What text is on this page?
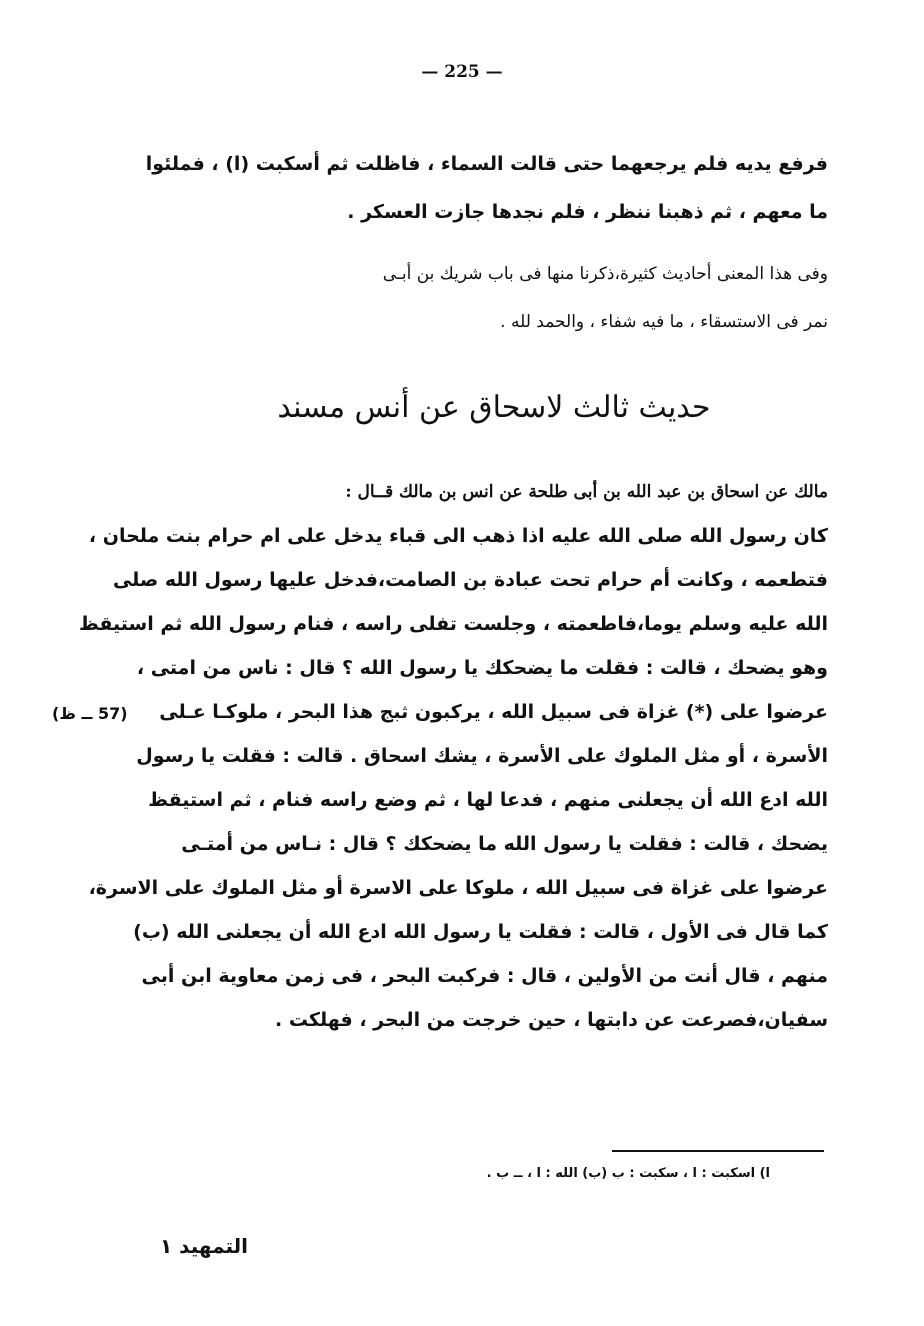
— 225 —
فرفع يديه فلم يرجعهما حتى قالت السماء ، فاظلت ثم أسكبت (ا) ، فملئوا
ما معهم ، ثم ذهبنا ننظر ، فلم نجدها جازت العسكر .
وفى هذا المعنى أحاديث كثيرة،ذكرنا منها فى باب شريك بن أبـى
نمر فى الاستسقاء ، ما فيه شفاء ، والحمد لله .
حديث ثالث لاسحاق عن أنس مسند
مالك عن اسحاق بن عبد الله بن أبى طلحة عن انس بن مالك قــال :
كان رسول الله صلى الله عليه اذا ذهب الى قباء يدخل على ام حرام بنت ملحان ،
فتطعمه ، وكانت أم حرام تحت عبادة بن الصامت،فدخل عليها رسول الله صلى
الله عليه وسلم يوما،فاطعمته ، وجلست تفلى راسه ، فنام رسول الله ثم استيقظ
وهو يضحك ، قالت : فقلت ما يضحكك يا رسول الله ؟ قال : ناس من امتى ،
عرضوا على (*) غزاة فى سبيل الله ، يركبون ثبج هذا البحر ، ملوكـا عـلى
الأسرة ، أو مثل الملوك على الأسرة ، يشك اسحاق . قالت : فقلت يا رسول
الله ادع الله أن يجعلنى منهم ، فدعا لها ، ثم وضع راسه فنام ، ثم استيقظ
يضحك ، قالت : فقلت يا رسول الله ما يضحكك ؟ قال : نـاس من أمتـى
عرضوا على غزاة فى سبيل الله ، ملوكا على الاسرة أو مثل الملوك على الاسرة،
كما قال فى الأول ، قالت : فقلت يا رسول الله ادع الله أن يجعلنى الله (ب)
منهم ، قال أنت من الأولين ، قال : فركبت البحر ، فى زمن معاوية ابن أبى
سفيان،فصرعت عن دابتها ، حين خرجت من البحر ، فهلكت .
(57 ــ ظ)
ا) اسكبت : ا ، سكبت : ب (ب) الله : ا ، ــ ب .
التمهيد ١
